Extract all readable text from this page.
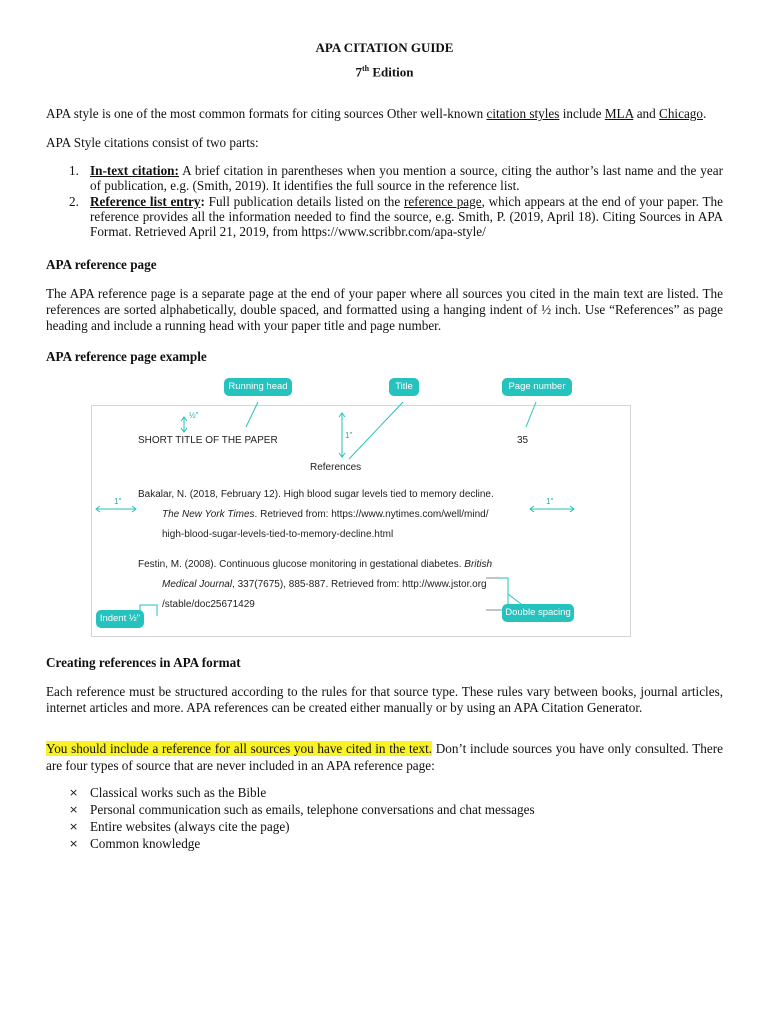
APA CITATION GUIDE
7th Edition

APA style is one of the most common formats for citing sources Other well-known citation styles include MLA and Chicago.

APA Style citations consist of two parts:

1. In-text citation: A brief citation in parentheses when you mention a source, citing the author’s last name and the year of publication, e.g. (Smith, 2019). It identifies the full source in the reference list.
2. Reference list entry: Full publication details listed on the reference page, which appears at the end of your paper. The reference provides all the information needed to find the source, e.g. Smith, P. (2019, April 18). Citing Sources in APA Format. Retrieved April 21, 2019, from https://www.scribbr.com/apa-style/

APA reference page

The APA reference page is a separate page at the end of your paper where all sources you cited in the main text are listed. The references are sorted alphabetically, double spaced, and formatted using a hanging indent of ½ inch. Use “References” as page heading and include a running head with your paper title and page number.

APA reference page example

Running head	Title	Page number
½"
1"
1"	1"
SHORT TITLE OF THE PAPER	35
References
Bakalar, N. (2018, February 12). High blood sugar levels tied to memory decline.
The New York Times. Retrieved from: https://www.nytimes.com/well/mind/
high-blood-sugar-levels-tied-to-memory-decline.html
Festin, M. (2008). Continuous glucose monitoring in gestational diabetes. British
Medical Journal, 337(7675), 885-887. Retrieved from: http://www.jstor.org
/stable/doc25671429
Indent ½"
Double spacing

Creating references in APA format

Each reference must be structured according to the rules for that source type. These rules vary between books, journal articles, internet articles and more. APA references can be created either manually or by using an APA Citation Generator.

You should include a reference for all sources you have cited in the text. Don’t include sources you have only consulted. There are four types of source that are never included in an APA reference page:

× Classical works such as the Bible
× Personal communication such as emails, telephone conversations and chat messages
× Entire websites (always cite the page)
× Common knowledge
